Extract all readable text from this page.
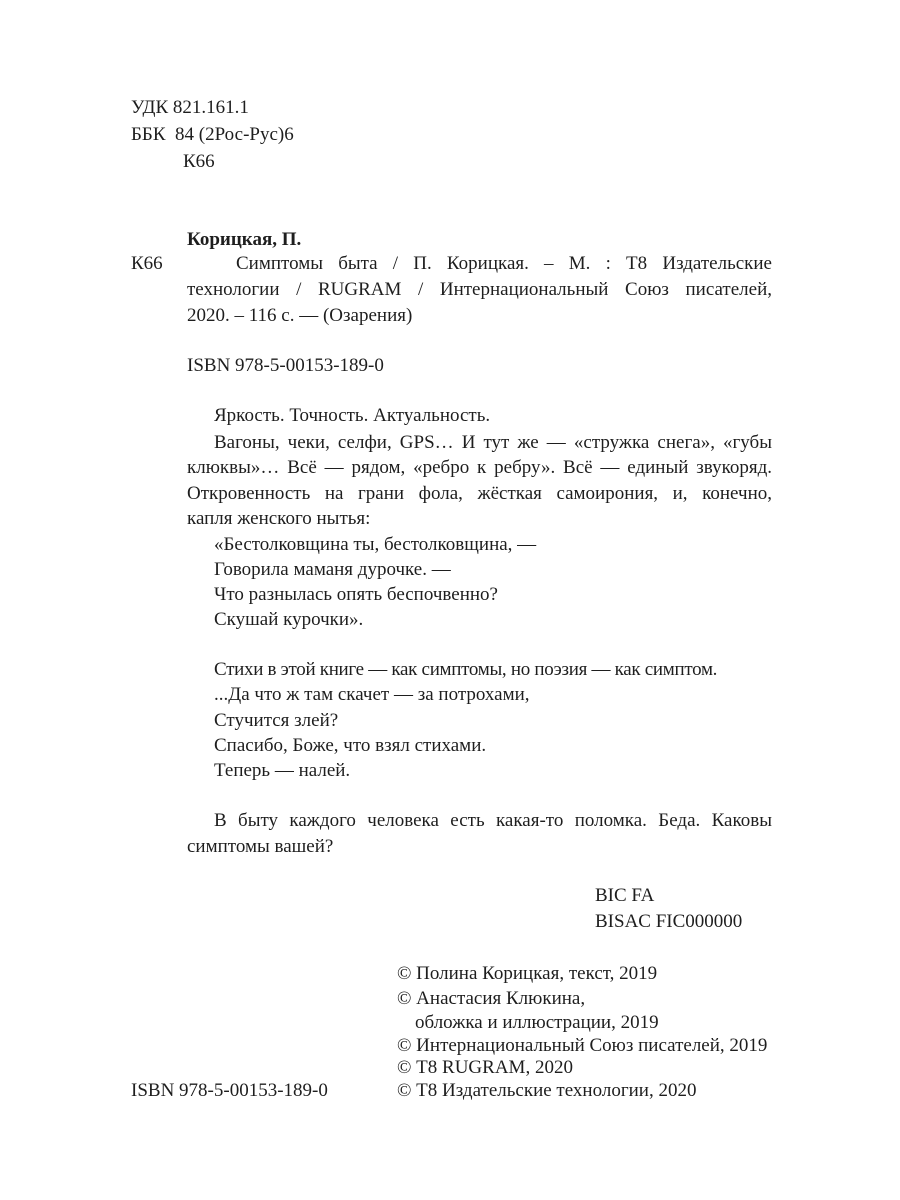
УДК 821.161.1
ББК  84 (2Рос-Рус)6
К66
Корицкая, П.
К66	Симптомы быта / П. Корицкая. – М. : Т8 Издательские
технологии / RUGRAM / Интернациональный Союз писателей,
2020. – 116 с. — (Озарения)
ISBN 978-5-00153-189-0
Яркость. Точность. Актуальность.
Вагоны, чеки, селфи, GPS… И тут же — «стружка снега», «губы
клюквы»… Всё — рядом, «ребро к ребру». Всё — единый звукоряд.
Откровенность на грани фола, жёсткая самоирония, и, конечно,
капля женского нытья:
«Бестолковщина ты, бестолковщина, —
Говорила маманя дурочке. —
Что разнылась опять беспочвенно?
Скушай курочки».
Стихи в этой книге — как симптомы, но поэзия — как симптом.
...Да что ж там скачет — за потрохами,
Стучится злей?
Спасибо, Боже, что взял стихами.
Теперь — налей.
В быту каждого человека есть какая-то поломка. Беда. Каковы
симптомы вашей?
BIC FA
BISAC FIC000000
© Полина Корицкая, текст, 2019
© Анастасия Клюкина,
обложка и иллюстрации, 2019
© Интернациональный Союз писателей, 2019
© Т8 RUGRAM, 2020
© Т8 Издательские технологии, 2020
ISBN 978-5-00153-189-0
